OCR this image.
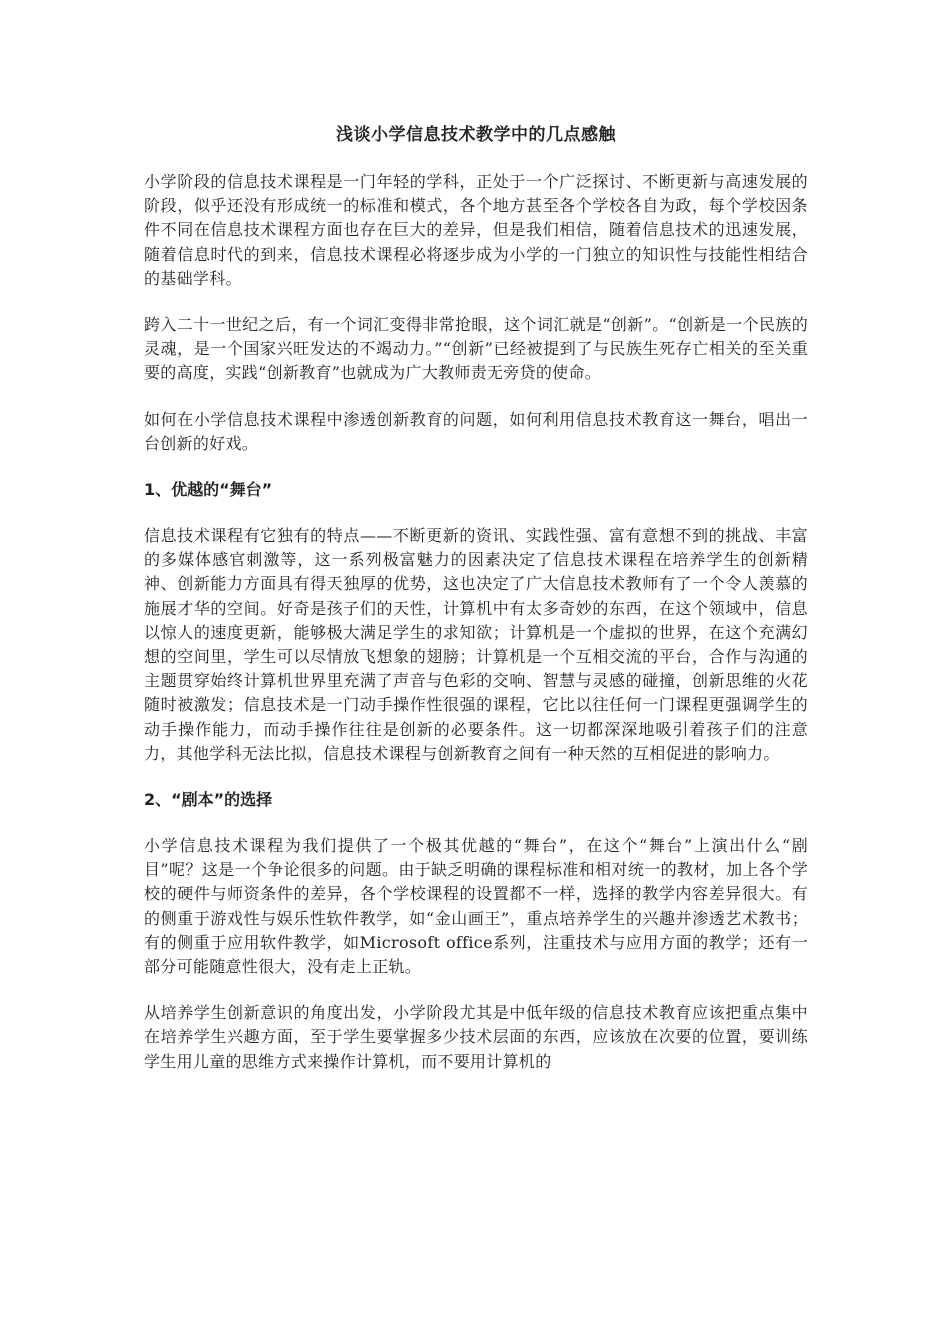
浅谈小学信息技术教学中的几点感触

小学阶段的信息技术课程是一门年轻的学科，正处于一个广泛探讨、不断更新与高速发展的阶段，似乎还没有形成统一的标准和模式，各个地方甚至各个学校各自为政，每个学校因条件不同在信息技术课程方面也存在巨大的差异，但是我们相信，随着信息技术的迅速发展，随着信息时代的到来，信息技术课程必将逐步成为小学的一门独立的知识性与技能性相结合的基础学科。

跨入二十一世纪之后，有一个词汇变得非常抢眼，这个词汇就是“创新”。“创新是一个民族的灵魂，是一个国家兴旺发达的不竭动力。”“创新”已经被提到了与民族生死存亡相关的至关重要的高度，实践“创新教育”也就成为广大教师责无旁贷的使命。

如何在小学信息技术课程中渗透创新教育的问题，如何利用信息技术教育这一舞台，唱出一台创新的好戏。

1、优越的“舞台”

信息技术课程有它独有的特点——不断更新的资讯、实践性强、富有意想不到的挑战、丰富的多媒体感官刺激等，这一系列极富魅力的因素决定了信息技术课程在培养学生的创新精神、创新能力方面具有得天独厚的优势，这也决定了广大信息技术教师有了一个令人羡慕的施展才华的空间。好奇是孩子们的天性，计算机中有太多奇妙的东西，在这个领域中，信息以惊人的速度更新，能够极大满足学生的求知欲；计算机是一个虚拟的世界，在这个充满幻想的空间里，学生可以尽情放飞想象的翅膀；计算机是一个互相交流的平台，合作与沟通的主题贯穿始终计算机世界里充满了声音与色彩的交响、智慧与灵感的碰撞，创新思维的火花随时被激发；信息技术是一门动手操作性很强的课程，它比以往任何一门课程更强调学生的动手操作能力，而动手操作往往是创新的必要条件。这一切都深深地吸引着孩子们的注意力，其他学科无法比拟，信息技术课程与创新教育之间有一种天然的互相促进的影响力。

2、“剧本”的选择

小学信息技术课程为我们提供了一个极其优越的“舞台”，在这个“舞台”上演出什么“剧目”呢？这是一个争论很多的问题。由于缺乏明确的课程标准和相对统一的教材，加上各个学校的硬件与师资条件的差异，各个学校课程的设置都不一样，选择的教学内容差异很大。有的侧重于游戏性与娱乐性软件教学，如“金山画王”，重点培养学生的兴趣并渗透艺术教书；有的侧重于应用软件教学，如Microsoft office系列，注重技术与应用方面的教学；还有一部分可能随意性很大，没有走上正轨。

从培养学生创新意识的角度出发，小学阶段尤其是中低年级的信息技术教育应该把重点集中在培养学生兴趣方面，至于学生要掌握多少技术层面的东西，应该放在次要的位置，要训练学生用儿童的思维方式来操作计算机，而不要用计算机的
